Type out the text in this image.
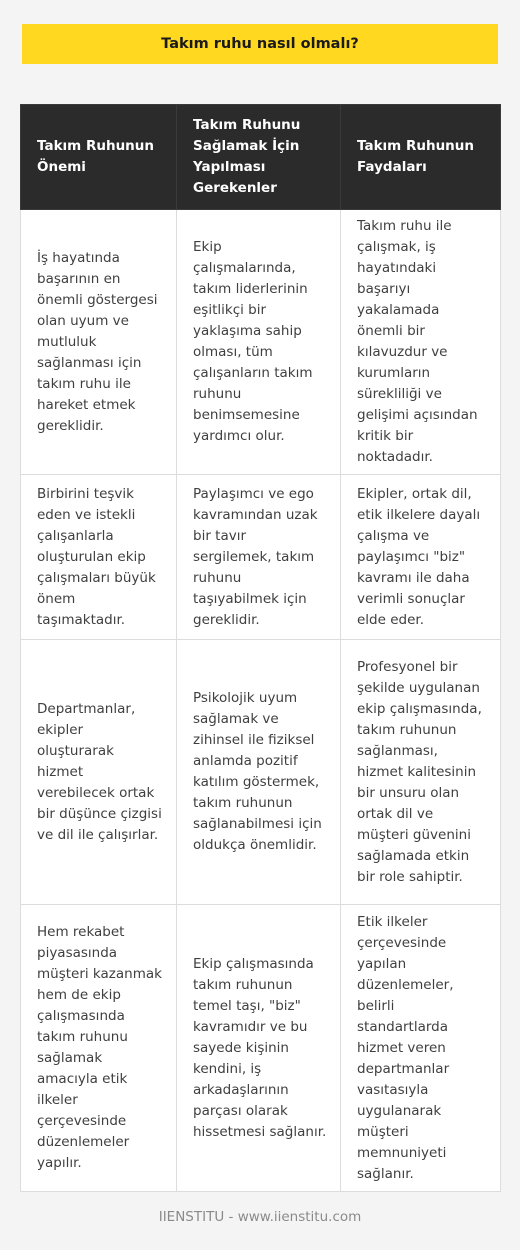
Takım ruhu nasıl olmalı?
Takım Ruhunun Önemi	Takım Ruhunu Sağlamak İçin Yapılması Gerekenler	Takım Ruhunun Faydaları
İş hayatında başarının en önemli göstergesi olan uyum ve mutluluk sağlanması için takım ruhu ile hareket etmek gereklidir.	Ekip çalışmalarında, takım liderlerinin eşitlikçi bir yaklaşıma sahip olması, tüm çalışanların takım ruhunu benimsemesine yardımcı olur.	Takım ruhu ile çalışmak, iş hayatındaki başarıyı yakalamada önemli bir kılavuzdur ve kurumların sürekliliği ve gelişimi açısından kritik bir noktadadır.
Birbirini teşvik eden ve istekli çalışanlarla oluşturulan ekip çalışmaları büyük önem taşımaktadır.	Paylaşımcı ve ego kavramından uzak bir tavır sergilemek, takım ruhunu taşıyabilmek için gereklidir.	Ekipler, ortak dil, etik ilkelere dayalı çalışma ve paylaşımcı "biz" kavramı ile daha verimli sonuçlar elde eder.
Departmanlar, ekipler oluşturarak hizmet verebilecek ortak bir düşünce çizgisi ve dil ile çalışırlar.	Psikolojik uyum sağlamak ve zihinsel ile fiziksel anlamda pozitif katılım göstermek, takım ruhunun sağlanabilmesi için oldukça önemlidir.	Profesyonel bir şekilde uygulanan ekip çalışmasında, takım ruhunun sağlanması, hizmet kalitesinin bir unsuru olan ortak dil ve müşteri güvenini sağlamada etkin bir role sahiptir.
Hem rekabet piyasasında müşteri kazanmak hem de ekip çalışmasında takım ruhunu sağlamak amacıyla etik ilkeler çerçevesinde düzenlemeler yapılır.	Ekip çalışmasında takım ruhunun temel taşı, "biz" kavramıdır ve bu sayede kişinin kendini, iş arkadaşlarının parçası olarak hissetmesi sağlanır.	Etik ilkeler çerçevesinde yapılan düzenlemeler, belirli standartlarda hizmet veren departmanlar vasıtasıyla uygulanarak müşteri memnuniyeti sağlanır.
IIENSTITU - www.iienstitu.com
